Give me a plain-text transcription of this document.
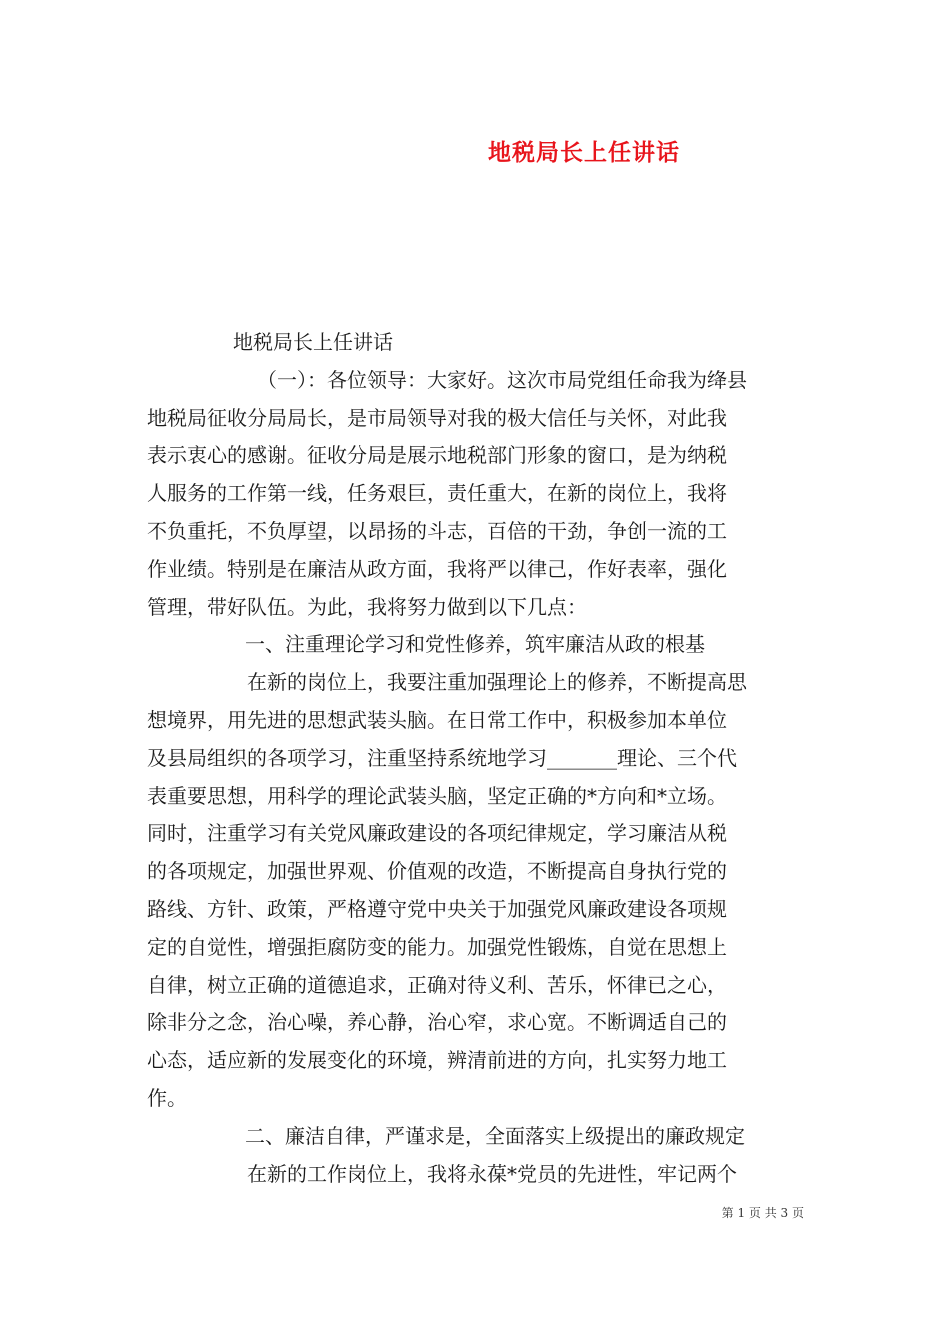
地税局长上任讲话
地税局长上任讲话
（一）：各位领导：大家好。这次市局党组任命我为绛县
地税局征收分局局长，是市局领导对我的极大信任与关怀，对此我
表示衷心的感谢。征收分局是展示地税部门形象的窗口，是为纳税
人服务的工作第一线，任务艰巨，责任重大，在新的岗位上，我将
不负重托，不负厚望，以昂扬的斗志，百倍的干劲，争创一流的工
作业绩。特别是在廉洁从政方面，我将严以律己，作好表率，强化
管理，带好队伍。为此，我将努力做到以下几点：
一、注重理论学习和党性修养，筑牢廉洁从政的根基
在新的岗位上，我要注重加强理论上的修养，不断提高思
想境界，用先进的思想武装头脑。在日常工作中，积极参加本单位
及县局组织的各项学习，注重坚持系统地学习_______理论、三个代
表重要思想，用科学的理论武装头脑，坚定正确的*方向和*立场。
同时，注重学习有关党风廉政建设的各项纪律规定，学习廉洁从税
的各项规定，加强世界观、价值观的改造，不断提高自身执行党的
路线、方针、政策，严格遵守党中央关于加强党风廉政建设各项规
定的自觉性，增强拒腐防变的能力。加强党性锻炼，自觉在思想上
自律，树立正确的道德追求，正确对待义利、苦乐，怀律已之心，
除非分之念，治心噪，养心静，治心窄，求心宽。不断调适自己的
心态，适应新的发展变化的环境，辨清前进的方向，扎实努力地工
作。
二、廉洁自律，严谨求是，全面落实上级提出的廉政规定
在新的工作岗位上，我将永葆*党员的先进性，牢记两个
第 1 页 共 3 页
